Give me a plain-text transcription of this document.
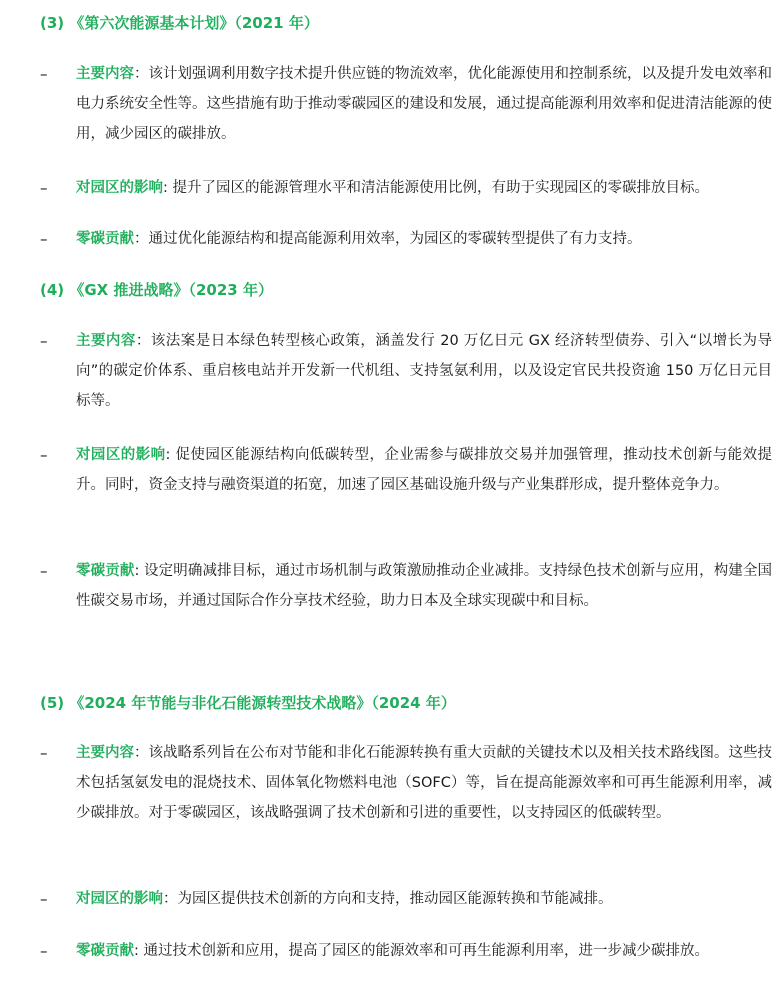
(3) 《第六次能源基本计划》（2021 年）
–	主要内容：该计划强调利用数字技术提升供应链的物流效率，优化能源使用和控制系统，以及提升发电效率和电力系统安全性等。这些措施有助于推动零碳园区的建设和发展，通过提高能源利用效率和促进清洁能源的使用，减少园区的碳排放。
–	对园区的影响: 提升了园区的能源管理水平和清洁能源使用比例，有助于实现园区的零碳排放目标。
–	零碳贡献：通过优化能源结构和提高能源利用效率，为园区的零碳转型提供了有力支持。
(4) 《GX 推进战略》（2023 年）
–	主要内容：该法案是日本绿色转型核心政策，涵盖发行 20 万亿日元 GX 经济转型债券、引入“以增长为导向”的碳定价体系、重启核电站并开发新一代机组、支持氢氨利用，以及设定官民共投资逾 150 万亿日元目标等。
–	对园区的影响: 促使园区能源结构向低碳转型，企业需参与碳排放交易并加强管理，推动技术创新与能效提升。同时，资金支持与融资渠道的拓宽，加速了园区基础设施升级与产业集群形成，提升整体竞争力。
–	零碳贡献: 设定明确减排目标，通过市场机制与政策激励推动企业减排。支持绿色技术创新与应用，构建全国性碳交易市场，并通过国际合作分享技术经验，助力日本及全球实现碳中和目标。
(5) 《2024 年节能与非化石能源转型技术战略》（2024 年）
–	主要内容：该战略系列旨在公布对节能和非化石能源转换有重大贡献的关键技术以及相关技术路线图。这些技术包括氢氨发电的混烧技术、固体氧化物燃料电池（SOFC）等，旨在提高能源效率和可再生能源利用率，减少碳排放。对于零碳园区，该战略强调了技术创新和引进的重要性，以支持园区的低碳转型。
–	对园区的影响：为园区提供技术创新的方向和支持，推动园区能源转换和节能减排。
–	零碳贡献: 通过技术创新和应用，提高了园区的能源效率和可再生能源利用率，进一步减少碳排放。
